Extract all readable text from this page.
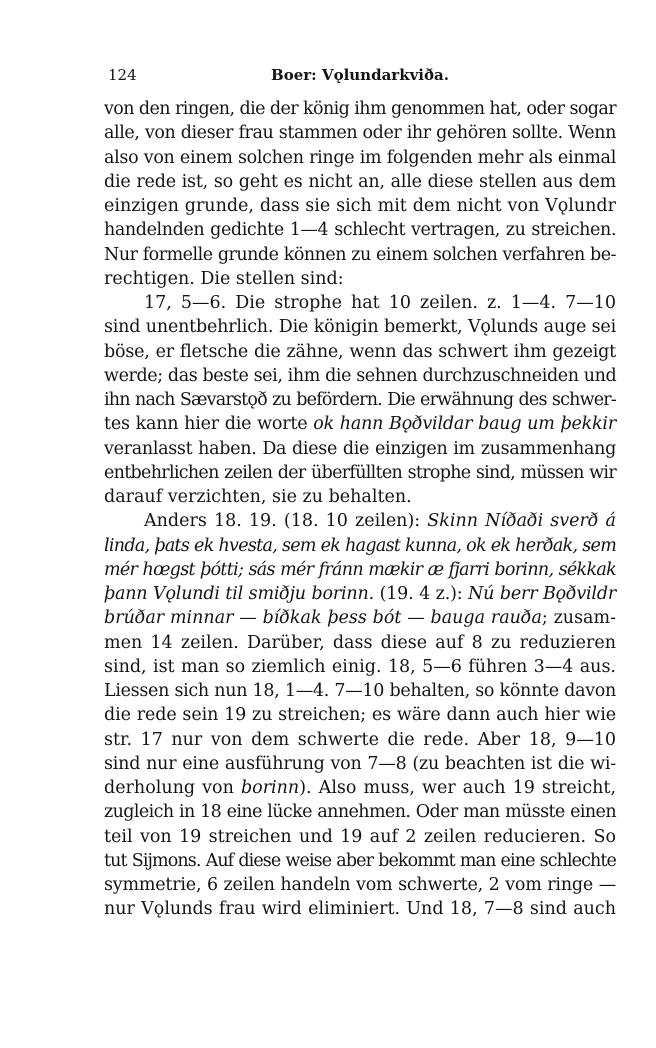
124	Boer: Vǫlundarkviða.
von den ringen, die der könig ihm genommen hat, oder sogar
alle, von dieser frau stammen oder ihr gehören sollte. Wenn
also von einem solchen ringe im folgenden mehr als einmal
die rede ist, so geht es nicht an, alle diese stellen aus dem
einzigen grunde, dass sie sich mit dem nicht von Vǫlundr
handelnden gedichte 1—4 schlecht vertragen, zu streichen.
Nur formelle grunde können zu einem solchen verfahren be-
rechtigen. Die stellen sind:
17, 5—6. Die strophe hat 10 zeilen. z. 1—4. 7—10
sind unentbehrlich. Die königin bemerkt, Vǫlunds auge sei
böse, er fletsche die zähne, wenn das schwert ihm gezeigt
werde; das beste sei, ihm die sehnen durchzuschneiden und
ihn nach Sævarstǫð zu befördern. Die erwähnung des schwer-
tes kann hier die worte ok hann Bǫðvildar baug um þekkir
veranlasst haben. Da diese die einzigen im zusammenhang
entbehrlichen zeilen der überfüllten strophe sind, müssen wir
darauf verzichten, sie zu behalten.
Anders 18. 19. (18. 10 zeilen): Skinn Níðaði sverð á
linda, þats ek hvesta, sem ek hagast kunna, ok ek herðak, sem
mér hœgst þótti; sás mér fránn mækir æ fjarri borinn, sékkak
þann Vǫlundi til smiðju borinn. (19. 4 z.): Nú berr Bǫðvildr
brúðar minnar — bíðkak þess bót — bauga rauða; zusam-
men 14 zeilen. Darüber, dass diese auf 8 zu reduzieren
sind, ist man so ziemlich einig. 18, 5—6 führen 3—4 aus.
Liessen sich nun 18, 1—4. 7—10 behalten, so könnte davon
die rede sein 19 zu streichen; es wäre dann auch hier wie
str. 17 nur von dem schwerte die rede. Aber 18, 9—10
sind nur eine ausführung von 7—8 (zu beachten ist die wi-
derholung von borinn). Also muss, wer auch 19 streicht,
zugleich in 18 eine lücke annehmen. Oder man müsste einen
teil von 19 streichen und 19 auf 2 zeilen reducieren. So
tut Sijmons. Auf diese weise aber bekommt man eine schlechte
symmetrie, 6 zeilen handeln vom schwerte, 2 vom ringe —
nur Vǫlunds frau wird eliminiert. Und 18, 7—8 sind auch
